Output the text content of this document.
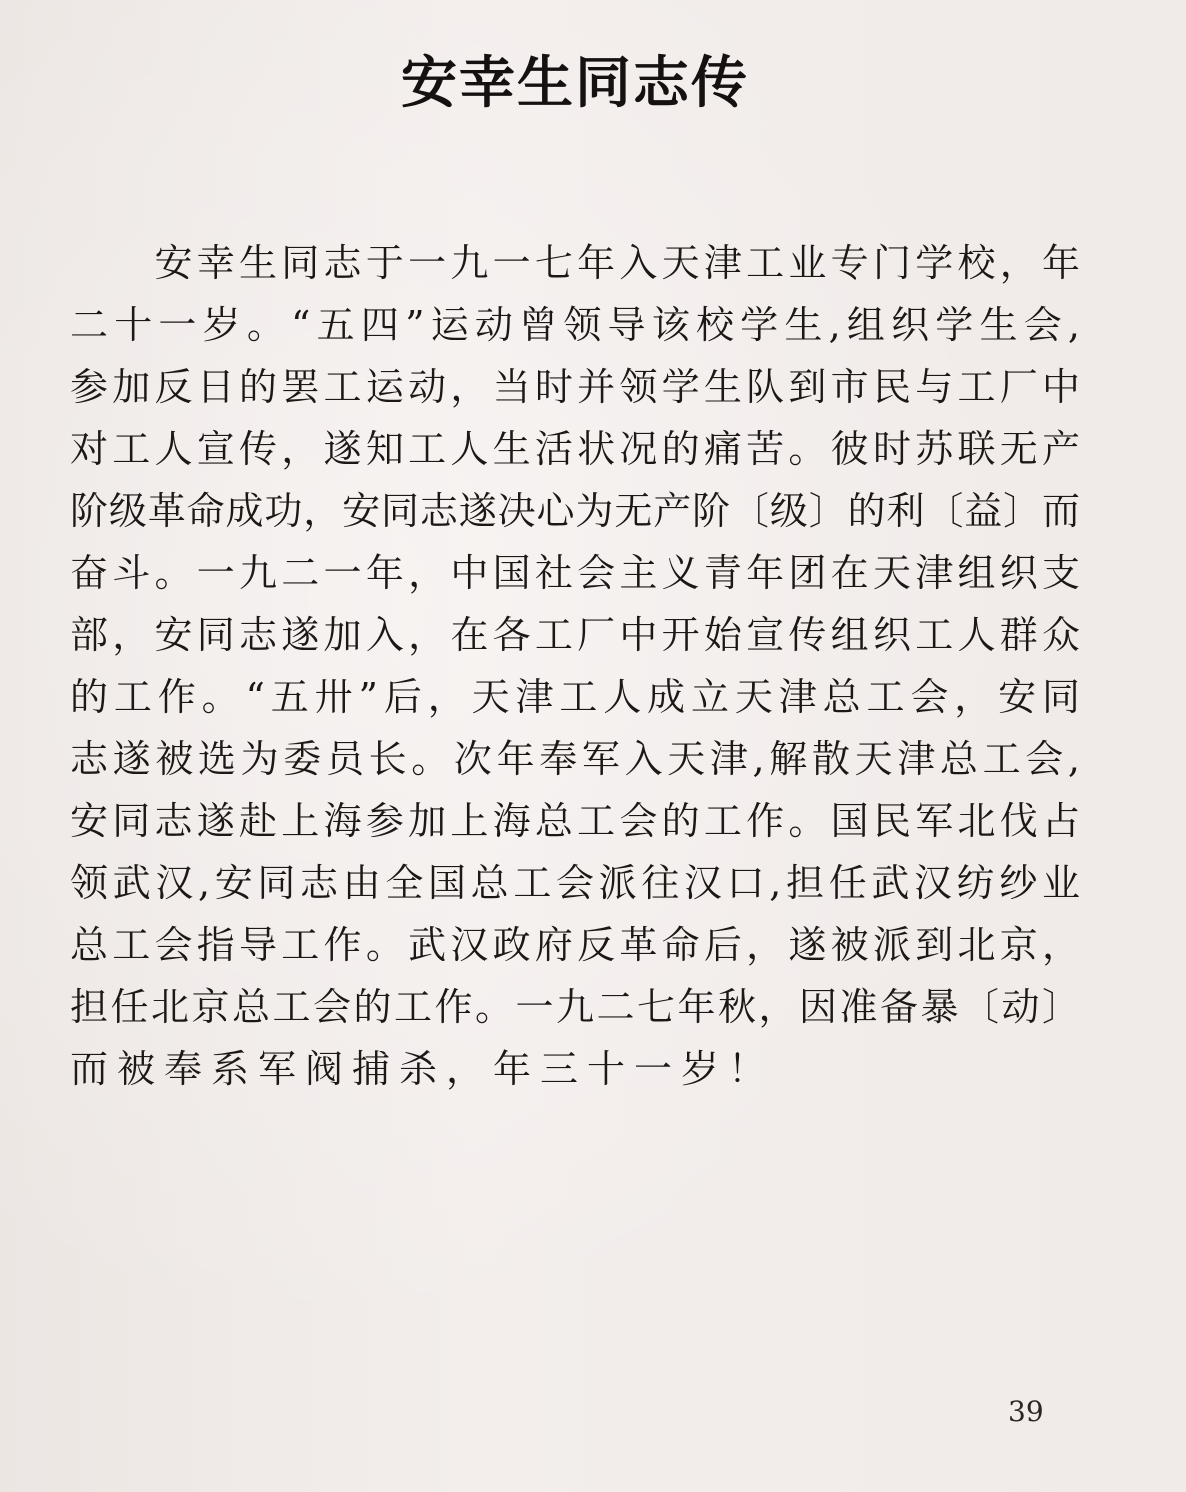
安幸生同志传
　　安幸生同志于一九一七年入天津工业专门学校，年
二十一岁。“五四”运动曾领导该校学生,组织学生会,
参加反日的罢工运动，当时并领学生队到市民与工厂中
对工人宣传，遂知工人生活状况的痛苦。彼时苏联无产
阶级革命成功，安同志遂决心为无产阶〔级〕的利〔益〕而
奋斗。一九二一年，中国社会主义青年团在天津组织支
部，安同志遂加入，在各工厂中开始宣传组织工人群众
的工作。“五卅”后，天津工人成立天津总工会，安同
志遂被选为委员长。次年奉军入天津,解散天津总工会,
安同志遂赴上海参加上海总工会的工作。国民军北伐占
领武汉,安同志由全国总工会派往汉口,担任武汉纺纱业
总工会指导工作。武汉政府反革命后，遂被派到北京，
担任北京总工会的工作。一九二七年秋，因准备暴〔动〕
而被奉系军阀捕杀，年三十一岁！
39
